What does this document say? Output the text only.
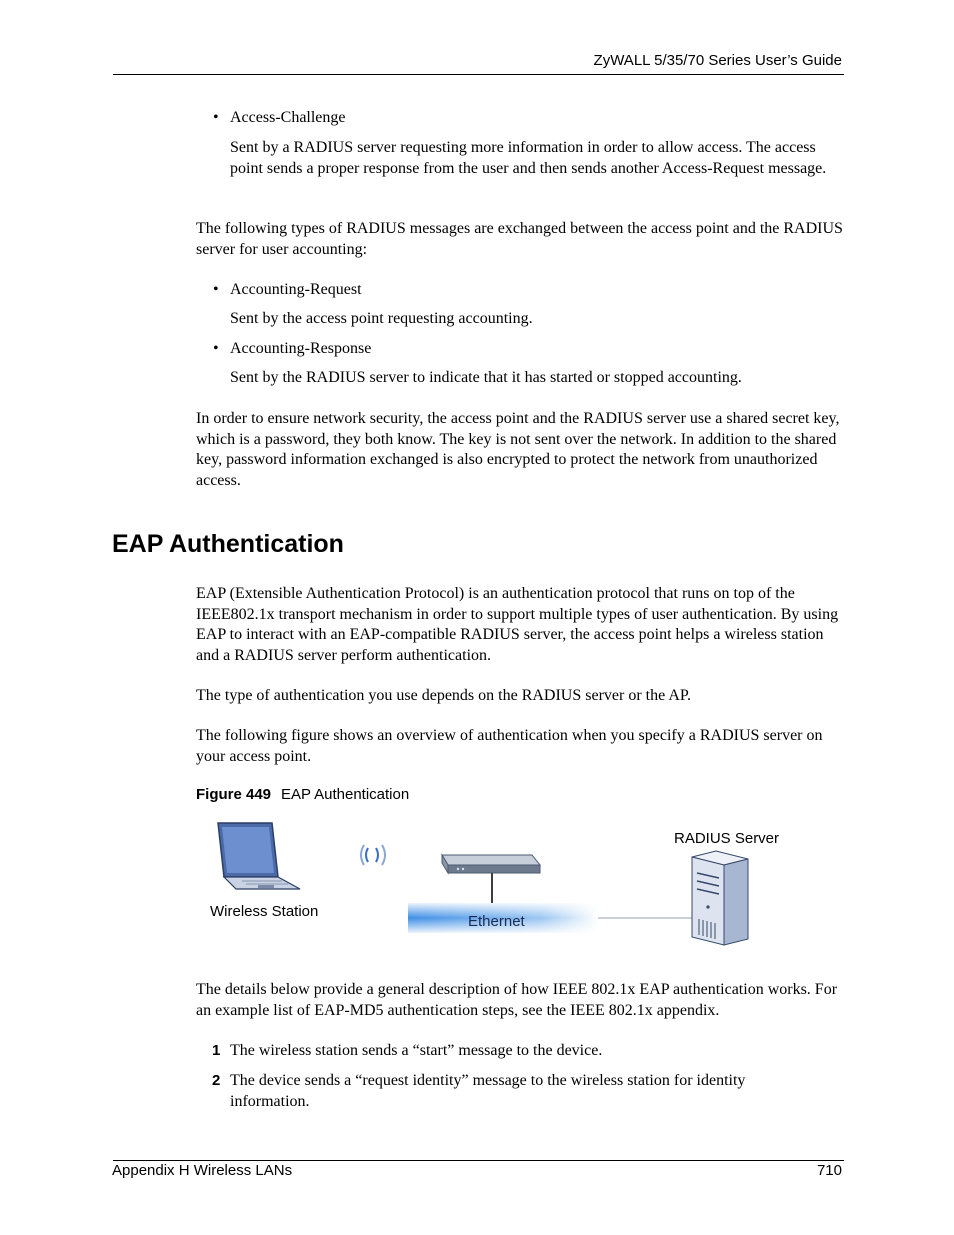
ZyWALL 5/35/70 Series User’s Guide
• Access-Challenge
Sent by a RADIUS server requesting more information in order to allow access. The access point sends a proper response from the user and then sends another Access-Request message.
The following types of RADIUS messages are exchanged between the access point and the RADIUS server for user accounting:
• Accounting-Request
Sent by the access point requesting accounting.
• Accounting-Response
Sent by the RADIUS server to indicate that it has started or stopped accounting.
In order to ensure network security, the access point and the RADIUS server use a shared secret key, which is a password, they both know. The key is not sent over the network. In addition to the shared key, password information exchanged is also encrypted to protect the network from unauthorized access.
EAP Authentication
EAP (Extensible Authentication Protocol) is an authentication protocol that runs on top of the IEEE802.1x transport mechanism in order to support multiple types of user authentication. By using EAP to interact with an EAP-compatible RADIUS server, the access point helps a wireless station and a RADIUS server perform authentication.
The type of authentication you use depends on the RADIUS server or the AP.
The following figure shows an overview of authentication when you specify a RADIUS server on your access point.
Figure 449 EAP Authentication
Wireless Station
Ethernet
RADIUS Server
The details below provide a general description of how IEEE 802.1x EAP authentication works. For an example list of EAP-MD5 authentication steps, see the IEEE 802.1x appendix.
1 The wireless station sends a “start” message to the device.
2 The device sends a “request identity” message to the wireless station for identity information.
Appendix H Wireless LANs	710
